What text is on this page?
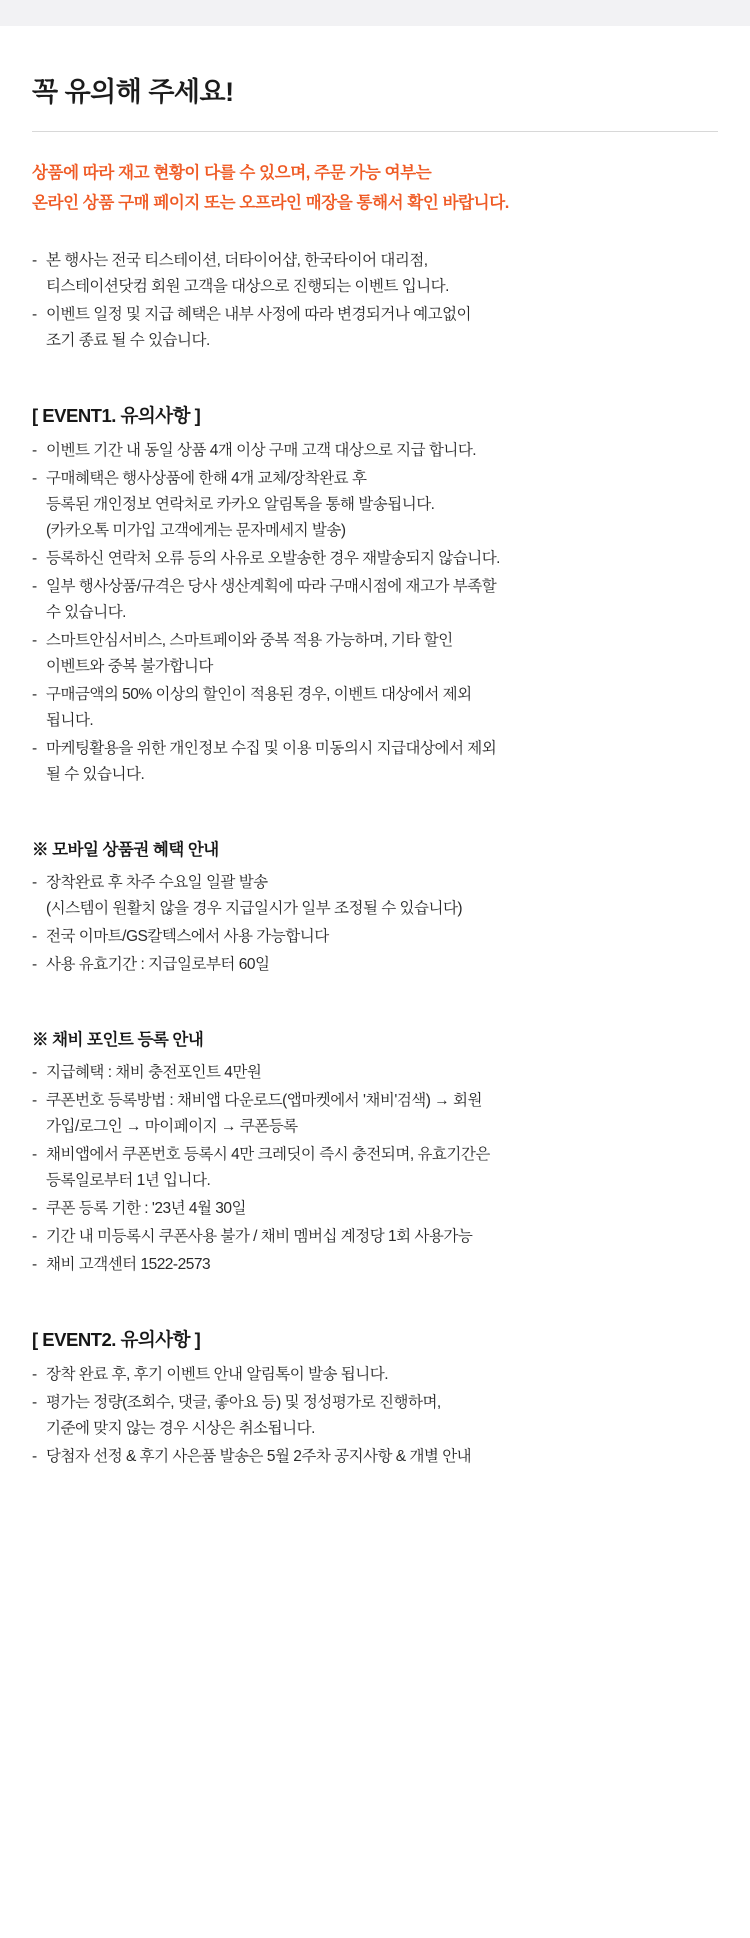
꼭 유의해 주세요!
상품에 따라 재고 현황이 다를 수 있으며, 주문 가능 여부는
온라인 상품 구매 페이지 또는 오프라인 매장을 통해서 확인 바랍니다.
- 본 행사는 전국 티스테이션, 더타이어샵, 한국타이어 대리점,
티스테이션닷컴 회원 고객을 대상으로 진행되는 이벤트 입니다.
- 이벤트 일정 및 지급 혜택은 내부 사정에 따라 변경되거나 예고없이
조기 종료 될 수 있습니다.
[ EVENT1. 유의사항 ]
- 이벤트 기간 내 동일 상품 4개 이상 구매 고객 대상으로 지급 합니다.
- 구매혜택은 행사상품에 한해 4개 교체/장착완료 후
등록된 개인정보 연락처로 카카오 알림톡을 통해 발송됩니다.
(카카오톡 미가입 고객에게는 문자메세지 발송)
- 등록하신 연락처 오류 등의 사유로 오발송한 경우 재발송되지 않습니다.
- 일부 행사상품/규격은 당사 생산계획에 따라 구매시점에 재고가 부족할
수 있습니다.
- 스마트안심서비스, 스마트페이와 중복 적용 가능하며, 기타 할인
이벤트와 중복 불가합니다
- 구매금액의 50% 이상의 할인이 적용된 경우, 이벤트 대상에서 제외
됩니다.
- 마케팅활용을 위한 개인정보 수집 및 이용 미동의시 지급대상에서 제외
될 수 있습니다.
※ 모바일 상품권 혜택 안내
- 장착완료 후 차주 수요일 일괄 발송
(시스템이 원활치 않을 경우 지급일시가 일부 조정될 수 있습니다)
- 전국 이마트/GS칼텍스에서 사용 가능합니다
- 사용 유효기간 : 지급일로부터 60일
※ 채비 포인트 등록 안내
- 지급혜택 : 채비 충전포인트 4만원
- 쿠폰번호 등록방법 : 채비앱 다운로드(앱마켓에서 '채비'검색) → 회원
가입/로그인 → 마이페이지 → 쿠폰등록
- 채비앱에서 쿠폰번호 등록시 4만 크레딧이 즉시 충전되며, 유효기간은
등록일로부터 1년 입니다.
- 쿠폰 등록 기한 : '23년 4월 30일
- 기간 내 미등록시 쿠폰사용 불가 / 채비 멤버십 계정당 1회 사용가능
- 채비 고객센터 1522-2573
[ EVENT2. 유의사항 ]
- 장착 완료 후, 후기 이벤트 안내 알림톡이 발송 됩니다.
- 평가는 정량(조회수, 댓글, 좋아요 등) 및 정성평가로 진행하며,
기준에 맞지 않는 경우 시상은 취소됩니다.
- 당첨자 선정 & 후기 사은품 발송은 5월 2주차 공지사항 & 개별 안내
